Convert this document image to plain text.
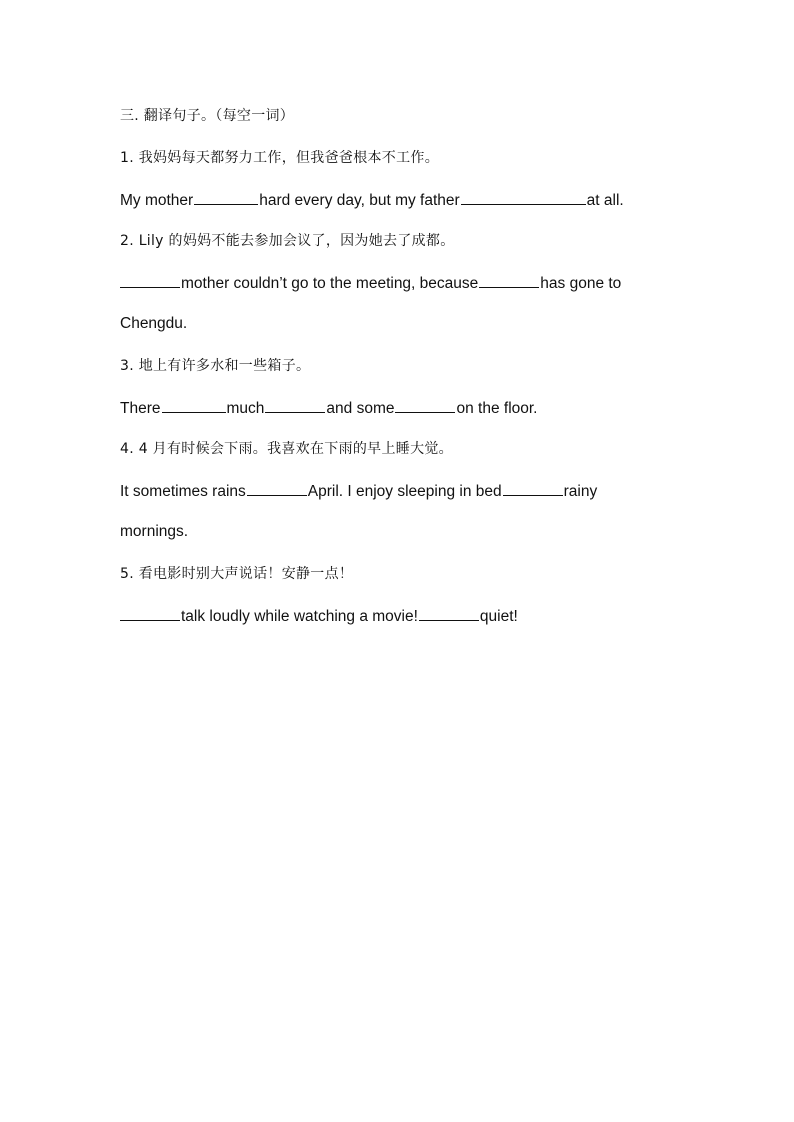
三. 翻译句子。（每空一词）
1. 我妈妈每天都努力工作，但我爸爸根本不工作。
My mother	hard every day, but my father	at all.
2. Lily 的妈妈不能去参加会议了，因为她去了成都。
mother couldn’t go to the meeting, because	has gone to
Chengdu.
3. 地上有许多水和一些箱子。
There	much	and some	on the floor.
4. 4 月有时候会下雨。我喜欢在下雨的早上睡大觉。
It sometimes rains	April. I enjoy sleeping in bed	rainy
mornings.
5. 看电影时别大声说话！安静一点！
talk loudly while watching a movie!	quiet!
